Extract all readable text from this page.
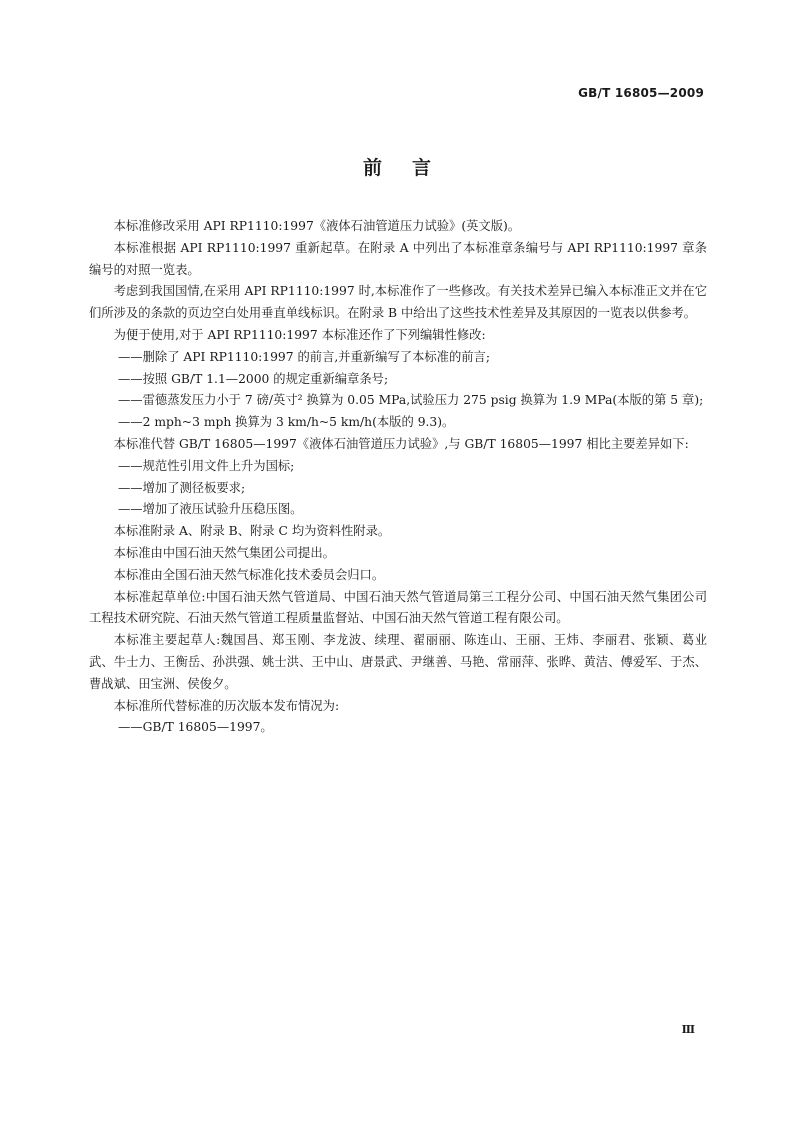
GB/T 16805—2009
前言

本标准修改采用 API RP1110:1997《液体石油管道压力试验》(英文版)。

本标准根据 API RP1110:1997 重新起草。在附录 A 中列出了本标准章条编号与 API RP1110:1997 章条编号的对照一览表。

考虑到我国国情,在采用 API RP1110:1997 时,本标准作了一些修改。有关技术差异已编入本标准正文并在它们所涉及的条款的页边空白处用垂直单线标识。在附录 B 中给出了这些技术性差异及其原因的一览表以供参考。

为便于使用,对于 API RP1110:1997 本标准还作了下列编辑性修改:

——删除了 API RP1110:1997 的前言,并重新编写了本标准的前言;

——按照 GB/T 1.1—2000 的规定重新编章条号;

——雷德蒸发压力小于 7 磅/英寸² 换算为 0.05 MPa,试验压力 275 psig 换算为 1.9 MPa(本版的第 5 章);

——2 mph~3 mph 换算为 3 km/h~5 km/h(本版的 9.3)。

本标准代替 GB/T 16805—1997《液体石油管道压力试验》,与 GB/T 16805—1997 相比主要差异如下:

——规范性引用文件上升为国标;

——增加了测径板要求;

——增加了液压试验升压稳压图。

本标准附录 A、附录 B、附录 C 均为资料性附录。

本标准由中国石油天然气集团公司提出。

本标准由全国石油天然气标准化技术委员会归口。

本标准起草单位:中国石油天然气管道局、中国石油天然气管道局第三工程分公司、中国石油天然气集团公司工程技术研究院、石油天然气管道工程质量监督站、中国石油天然气管道工程有限公司。

本标准主要起草人:魏国昌、郑玉刚、李龙波、续理、翟丽丽、陈连山、王丽、王炜、李丽君、张颖、葛业武、牛士力、王衡岳、孙洪强、姚士洪、王中山、唐景武、尹继善、马艳、常丽萍、张晔、黄洁、傅爱军、于杰、曹战斌、田宝洲、侯俊夕。

本标准所代替标准的历次版本发布情况为:

——GB/T 16805—1997。

Ⅲ
